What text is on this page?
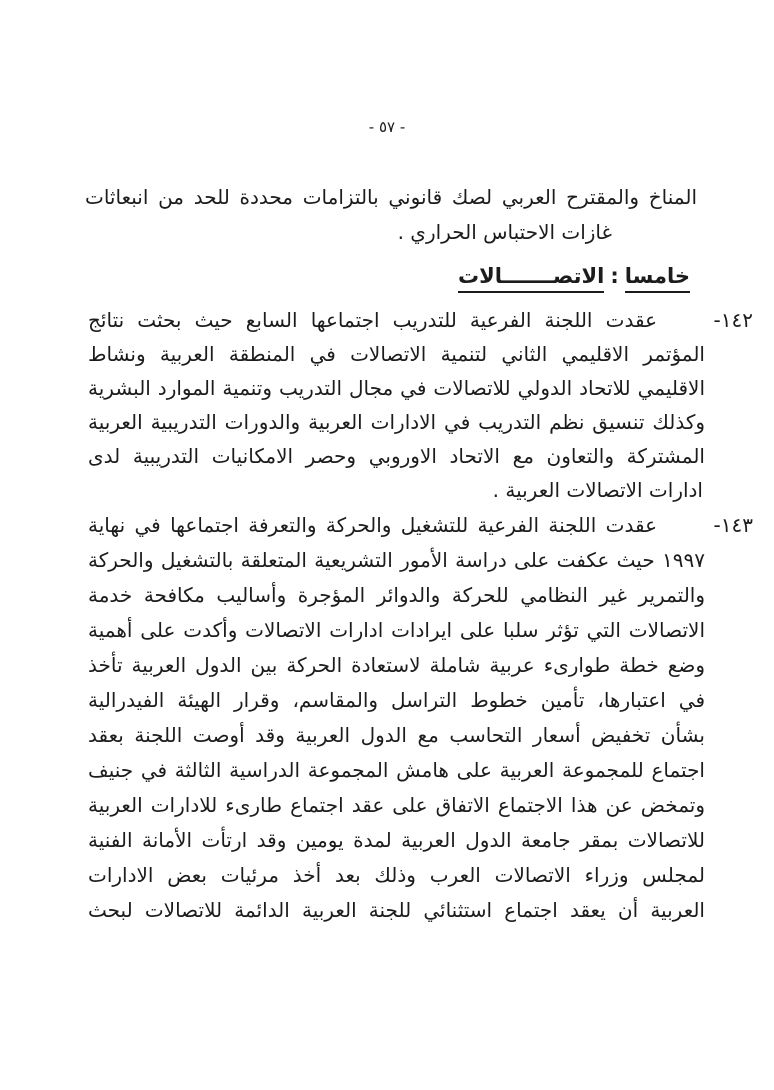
- ٥٧ -
المناخ والمقترح العربي لصك قانوني بالتزامات محددة للحد من انبعاثات
غازات الاحتباس الحراري .
خامسا:الاتصـــــــالات
١٤٢-
عقدت اللجنة الفرعية للتدريب اجتماعها السابع حيث بحثت نتائج
المؤتمر الاقليمي الثاني لتنمية الاتصالات في المنطقة العربية ونشاط
الاقليمي للاتحاد الدولي للاتصالات في مجال التدريب وتنمية الموارد البشرية
وكذلك تنسيق نظم التدريب في الادارات العربية والدورات التدريبية العربية
المشتركة والتعاون مع الاتحاد الاوروبي وحصر الامكانيات التدريبية لدى
ادارات الاتصالات العربية .
١٤٣-
عقدت اللجنة الفرعية للتشغيل والحركة والتعرفة اجتماعها في نهاية
١٩٩٧ حيث عكفت على دراسة الأمور التشريعية المتعلقة بالتشغيل والحركة
والتمرير غير النظامي للحركة والدوائر المؤجرة وأساليب مكافحة خدمة
الاتصالات التي تؤثر سلبا على ايرادات ادارات الاتصالات وأكدت على أهمية
وضع خطة طوارىء عربية شاملة لاستعادة الحركة بين الدول العربية تأخذ
في اعتبارها، تأمين خطوط التراسل والمقاسم، وقرار الهيئة الفيدرالية
بشأن تخفيض أسعار التحاسب مع الدول العربية وقد أوصت اللجنة بعقد
اجتماع للمجموعة العربية على هامش المجموعة الدراسية الثالثة في جنيف
وتمخض عن هذا الاجتماع الاتفاق على عقد اجتماع طارىء للادارات العربية
للاتصالات بمقر جامعة الدول العربية لمدة يومين وقد ارتأت الأمانة الفنية
لمجلس وزراء الاتصالات العرب وذلك بعد أخذ مرئيات بعض الادارات
العربية أن يعقد اجتماع استثنائي للجنة العربية الدائمة للاتصالات لبحث
